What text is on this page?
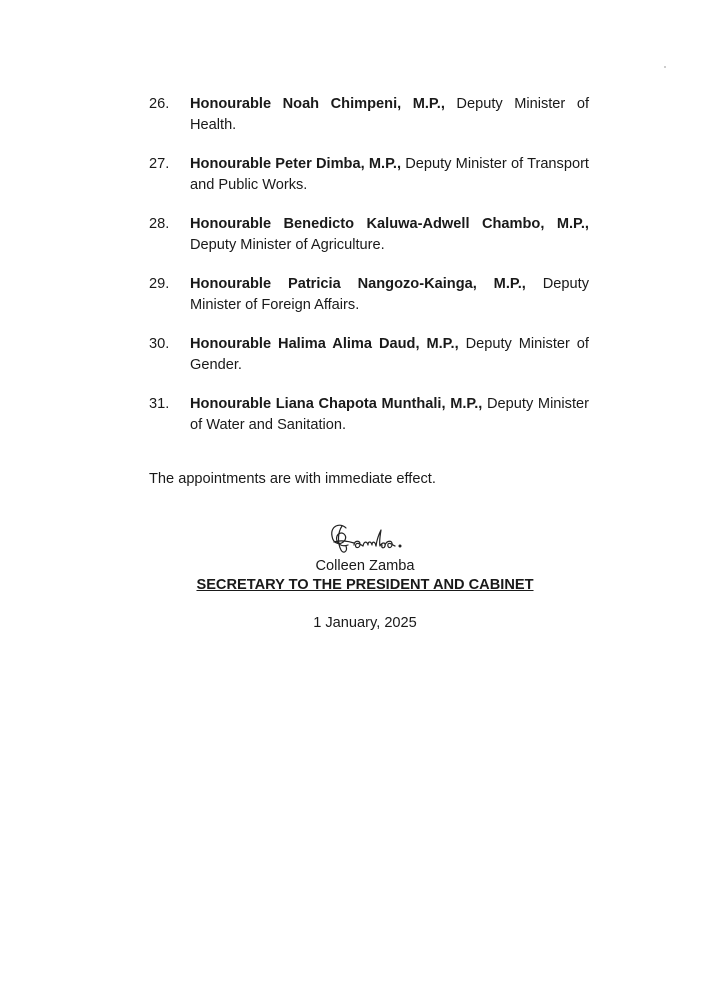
26.	Honourable Noah Chimpeni, M.P., Deputy Minister of Health.
27.	Honourable Peter Dimba, M.P., Deputy Minister of Transport and Public Works.
28.	Honourable Benedicto Kaluwa-Adwell Chambo, M.P., Deputy Minister of Agriculture.
29.	Honourable Patricia Nangozo-Kainga, M.P., Deputy Minister of Foreign Affairs.
30.	Honourable Halima Alima Daud, M.P., Deputy Minister of Gender.
31.	Honourable Liana Chapota Munthali, M.P., Deputy Minister of Water and Sanitation.
The appointments are with immediate effect.
Colleen Zamba
SECRETARY TO THE PRESIDENT AND CABINET
1 January, 2025
